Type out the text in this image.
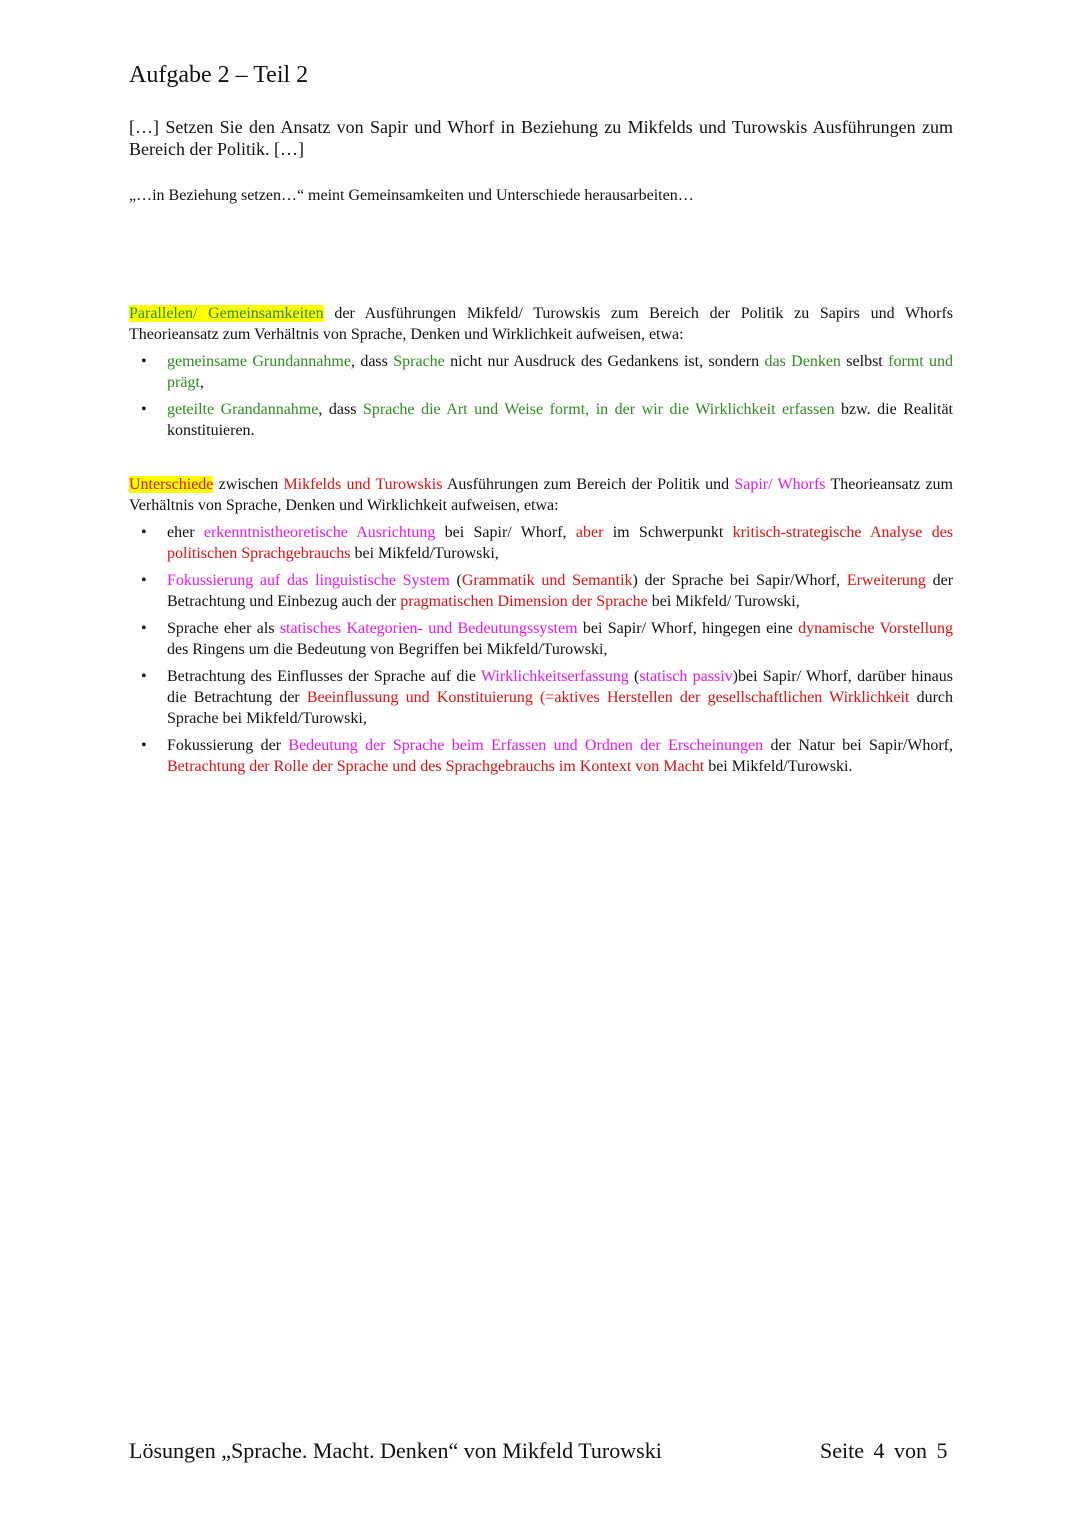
Aufgabe 2 – Teil 2

[…] Setzen Sie den Ansatz von Sapir und Whorf in Beziehung zu Mikfelds und Turowskis Ausführungen zum Bereich der Politik. […]

„…in Beziehung setzen…“ meint Gemeinsamkeiten und Unterschiede herausarbeiten…

Parallelen/ Gemeinsamkeiten der Ausführungen Mikfeld/ Turowskis zum Bereich der Politik zu Sapirs und Whorfs Theorieansatz zum Verhältnis von Sprache, Denken und Wirklichkeit aufweisen, etwa:

• gemeinsame Grundannahme, dass Sprache nicht nur Ausdruck des Gedankens ist, sondern das Denken selbst formt und prägt,
• geteilte Grandannahme, dass Sprache die Art und Weise formt, in der wir die Wirklichkeit erfassen bzw. die Realität konstituieren.

Unterschiede zwischen Mikfelds und Turowskis Ausführungen zum Bereich der Politik und Sapir/ Whorfs Theorieansatz zum Verhältnis von Sprache, Denken und Wirklichkeit aufweisen, etwa:

• eher erkenntnistheoretische Ausrichtung bei Sapir/ Whorf, aber im Schwerpunkt kritisch-strategische Analyse des politischen Sprachgebrauchs bei Mikfeld/Turowski,
• Fokussierung auf das linguistische System (Grammatik und Semantik) der Sprache bei Sapir/Whorf, Erweiterung der Betrachtung und Einbezug auch der pragmatischen Dimension der Sprache bei Mikfeld/ Turowski,
• Sprache eher als statisches Kategorien- und Bedeutungssystem bei Sapir/ Whorf, hingegen eine dynamische Vorstellung des Ringens um die Bedeutung von Begriffen bei Mikfeld/Turowski,
• Betrachtung des Einflusses der Sprache auf die Wirklichkeitserfassung (statisch passiv)bei Sapir/ Whorf, darüber hinaus die Betrachtung der Beeinflussung und Konstituierung (=aktives Herstellen der gesellschaftlichen Wirklichkeit durch Sprache bei Mikfeld/Turowski,
• Fokussierung der Bedeutung der Sprache beim Erfassen und Ordnen der Erscheinungen der Natur bei Sapir/Whorf, Betrachtung der Rolle der Sprache und des Sprachgebrauchs im Kontext von Macht bei Mikfeld/Turowski.
Lösungen „Sprache. Macht. Denken“ von Mikfeld Turowski	Seite 4 von 5
